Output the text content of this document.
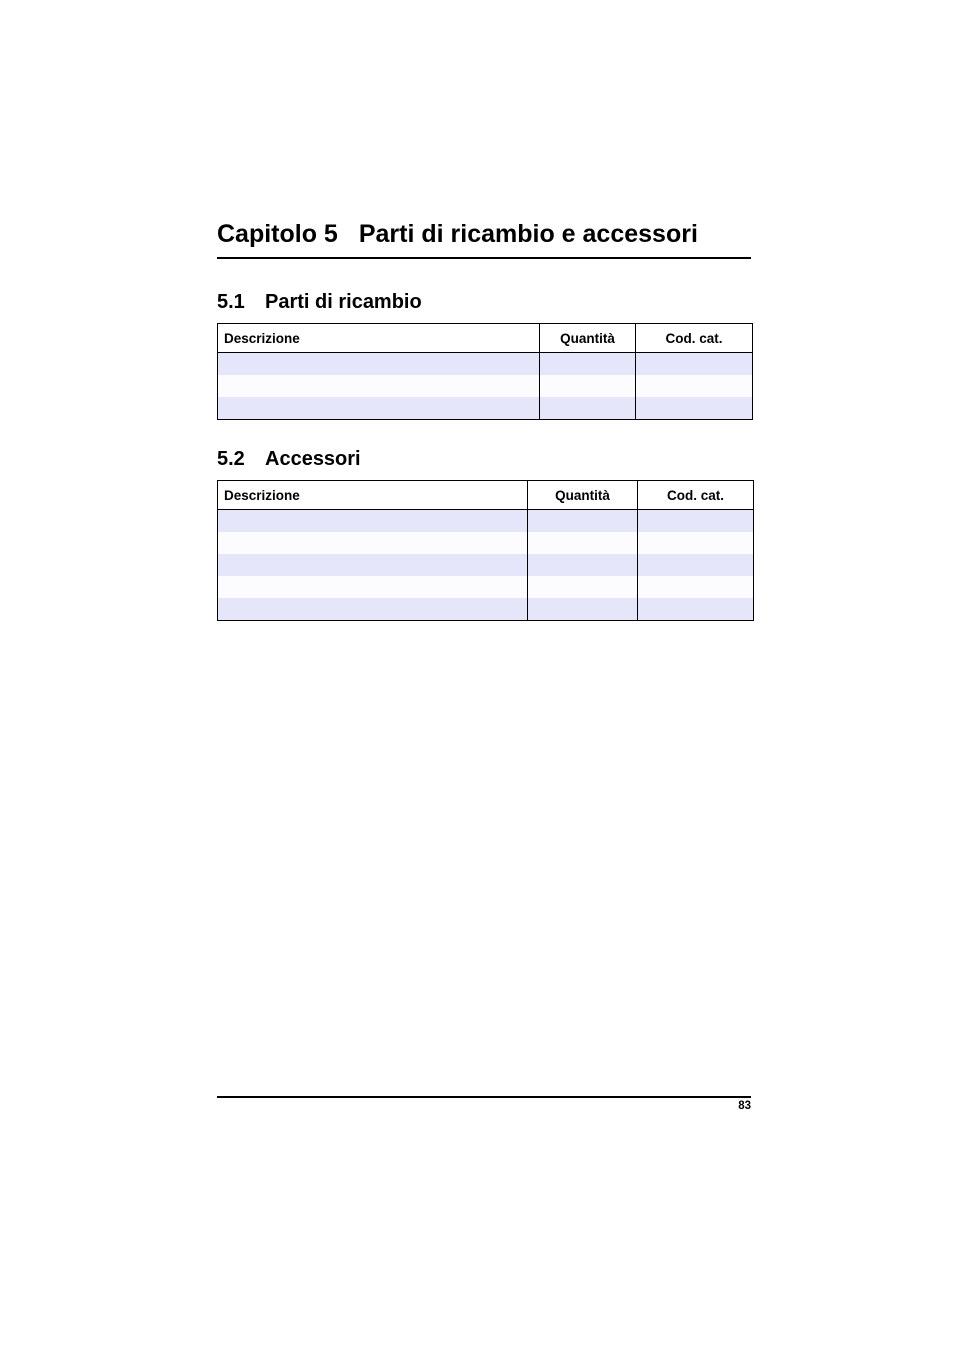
Capitolo 5 Parti di ricambio e accessori
5.1 Parti di ricambio
Descrizione	Quantità	Cod. cat.

5.2 Accessori
Descrizione	Quantità	Cod. cat.

83
